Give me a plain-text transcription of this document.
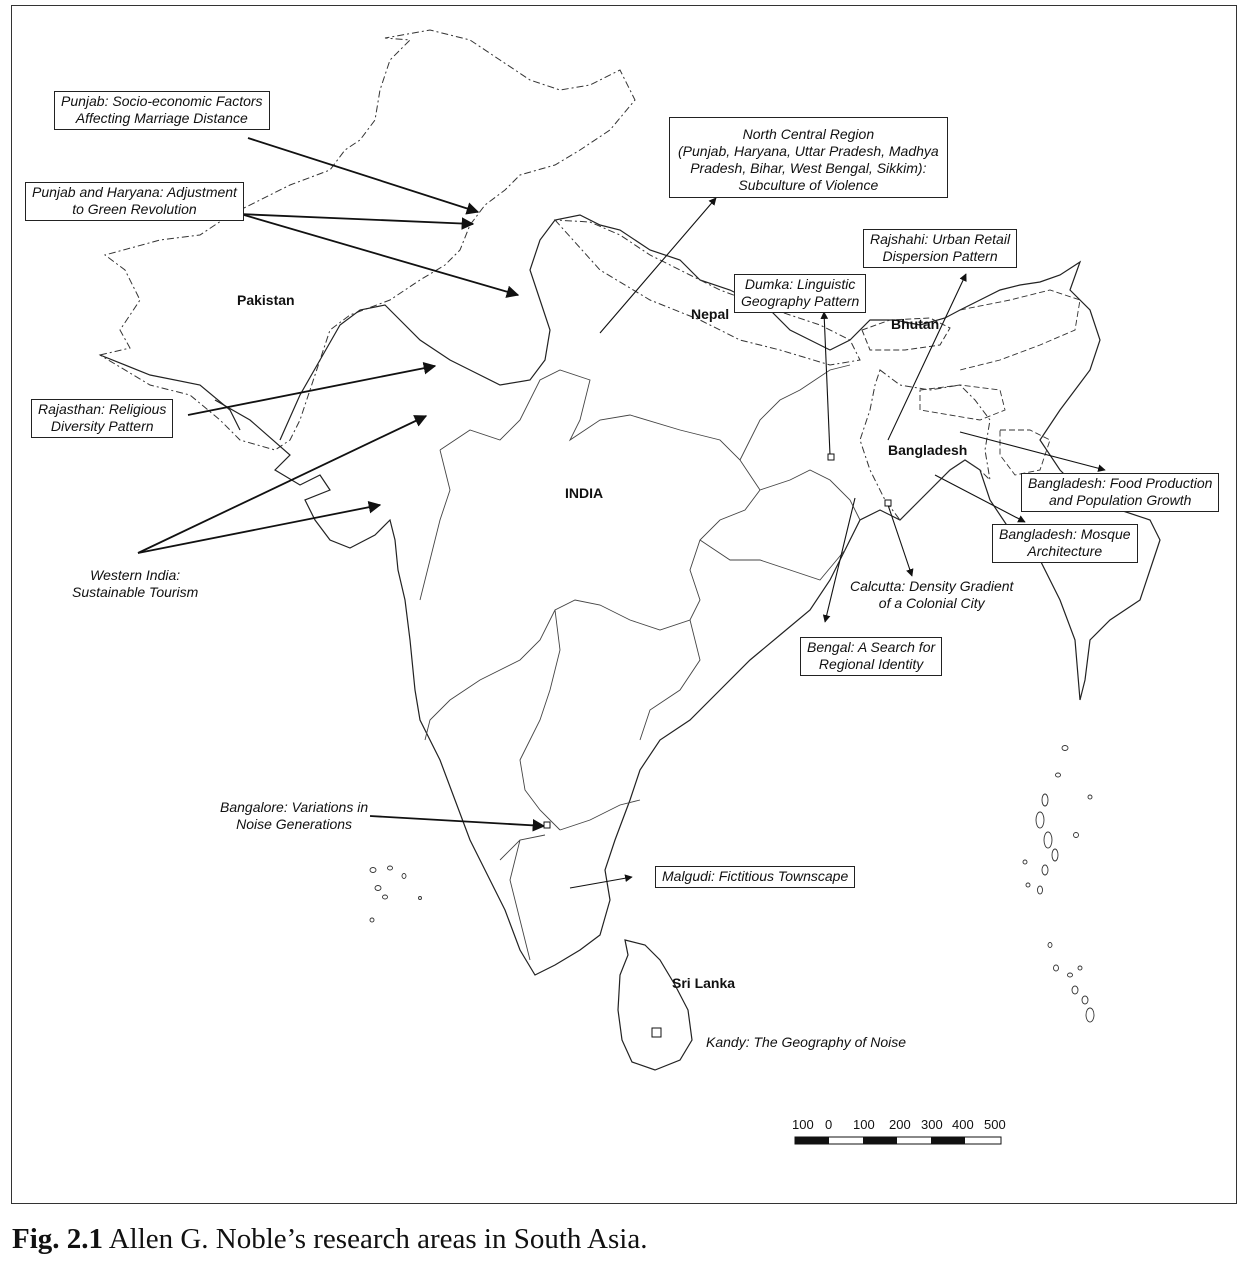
Punjab: Socio-economic Factors
Affecting Marriage Distance
Punjab and Haryana: Adjustment
to Green Revolution
North Central Region
(Punjab, Haryana, Uttar Pradesh, Madhya
Pradesh, Bihar, West Bengal, Sikkim):
Subculture of Violence
Rajshahi: Urban Retail
Dispersion Pattern
Dumka: Linguistic
Geography Pattern
Rajasthan: Religious
Diversity Pattern
Bangladesh: Food Production
and Population Growth
Bangladesh: Mosque
Architecture
Bengal: A Search for
Regional Identity
Malgudi: Fictitious Townscape
Western India:
Sustainable Tourism	Calcutta: Density Gradient
of a Colonial City
Bangalore: Variations in
Noise Generations
Kandy: The Geography of Noise
Pakistan
Nepal
Bhutan
Bangladesh
INDIA
Sri Lanka
100 0 100 200 300 400 500
Fig. 2.1 Allen G. Noble’s research areas in South Asia.
